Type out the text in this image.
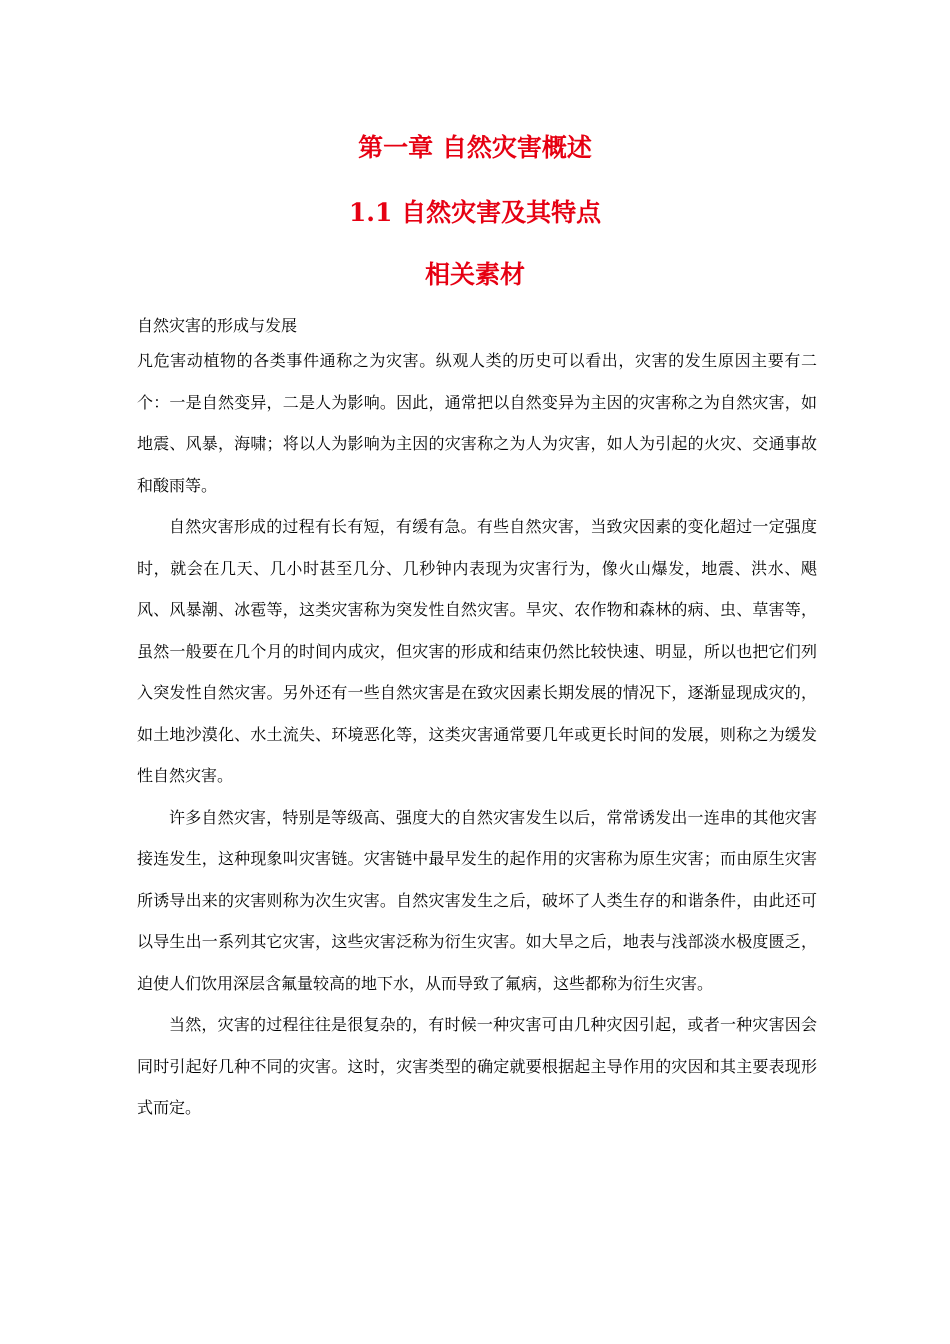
第一章 自然灾害概述
1.1 自然灾害及其特点
相关素材

自然灾害的形成与发展

凡危害动植物的各类事件通称之为灾害。纵观人类的历史可以看出，灾害的发生原因主要有二个：一是自然变异，二是人为影响。因此，通常把以自然变异为主因的灾害称之为自然灾害，如地震、风暴，海啸；将以人为影响为主因的灾害称之为人为灾害，如人为引起的火灾、交通事故和酸雨等。

自然灾害形成的过程有长有短，有缓有急。有些自然灾害，当致灾因素的变化超过一定强度时，就会在几天、几小时甚至几分、几秒钟内表现为灾害行为，像火山爆发，地震、洪水、飓风、风暴潮、冰雹等，这类灾害称为突发性自然灾害。旱灾、农作物和森林的病、虫、草害等，虽然一般要在几个月的时间内成灾，但灾害的形成和结束仍然比较快速、明显，所以也把它们列入突发性自然灾害。另外还有一些自然灾害是在致灾因素长期发展的情况下，逐渐显现成灾的，如土地沙漠化、水土流失、环境恶化等，这类灾害通常要几年或更长时间的发展，则称之为缓发性自然灾害。

许多自然灾害，特别是等级高、强度大的自然灾害发生以后，常常诱发出一连串的其他灾害接连发生，这种现象叫灾害链。灾害链中最早发生的起作用的灾害称为原生灾害；而由原生灾害所诱导出来的灾害则称为次生灾害。自然灾害发生之后，破坏了人类生存的和谐条件，由此还可以导生出一系列其它灾害，这些灾害泛称为衍生灾害。如大旱之后，地表与浅部淡水极度匮乏，迫使人们饮用深层含氟量较高的地下水，从而导致了氟病，这些都称为衍生灾害。

当然，灾害的过程往往是很复杂的，有时候一种灾害可由几种灾因引起，或者一种灾害因会同时引起好几种不同的灾害。这时，灾害类型的确定就要根据起主导作用的灾因和其主要表现形式而定。
